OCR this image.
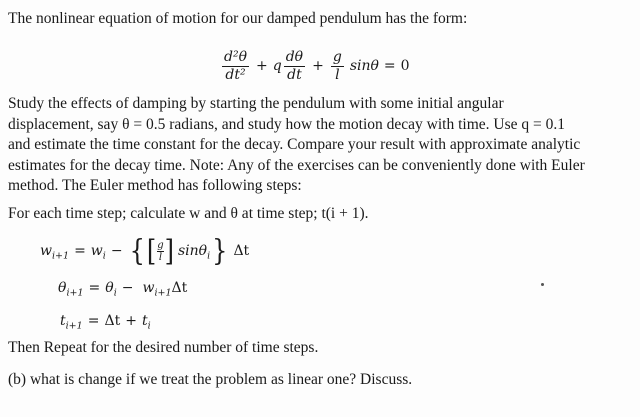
The nonlinear equation of motion for our damped pendulum has the form:
$\frac{\text{d²θ}}{\text{dt²}} + q \frac{d\theta}{dt} + \frac{g}{l}$ sinθ = 0
Study the effects of damping by starting the pendulum with some initial angular
displacement, say θ = 0.5 radians, and study how the motion decay with time. Use q = 0.1
and estimate the time constant for the decay. Compare your result with approximate analytic
estimates for the decay time. Note: Any of the exercises can be conveniently done with Euler
method. The Euler method has following steps:
For each time step; calculate w and θ at time step; t(i + 1).
$w_{i+1} = w_i$ − { [ $\frac{g}{l}$ ] sinθ$_i$ } Δt
$\theta_{i+1} = \theta_i - w_{i+1}$ Δt
$t_{i+1} = \Delta t + t_i$
Then Repeat for the desired number of time steps.
(b) what is change if we treat the problem as linear one? Discuss.
